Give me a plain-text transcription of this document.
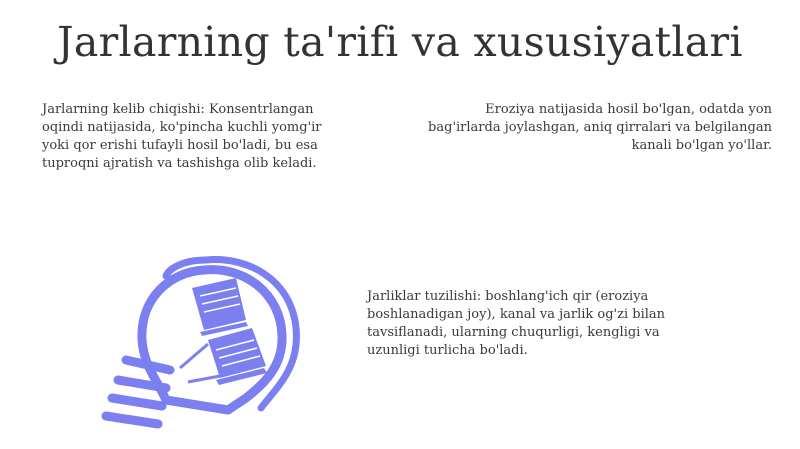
Jarlarning ta'rifi va xususiyatlari

Jarlarning kelib chiqishi: Konsentrlangan oqindi natijasida, ko'pincha kuchli yomg'ir yoki qor erishi tufayli hosil bo'ladi, bu esa tuproqni ajratish va tashishga olib keladi.

Eroziya natijasida hosil bo'lgan, odatda yon bag'irlarda joylashgan, aniq qirralari va belgilangan kanali bo'lgan yo'llar.

Jarliklar tuzilishi: boshlang'ich qir (eroziya boshlanadigan joy), kanal va jarlik og'zi bilan tavsiflanadi, ularning chuqurligi, kengligi va uzunligi turlicha bo'ladi.
